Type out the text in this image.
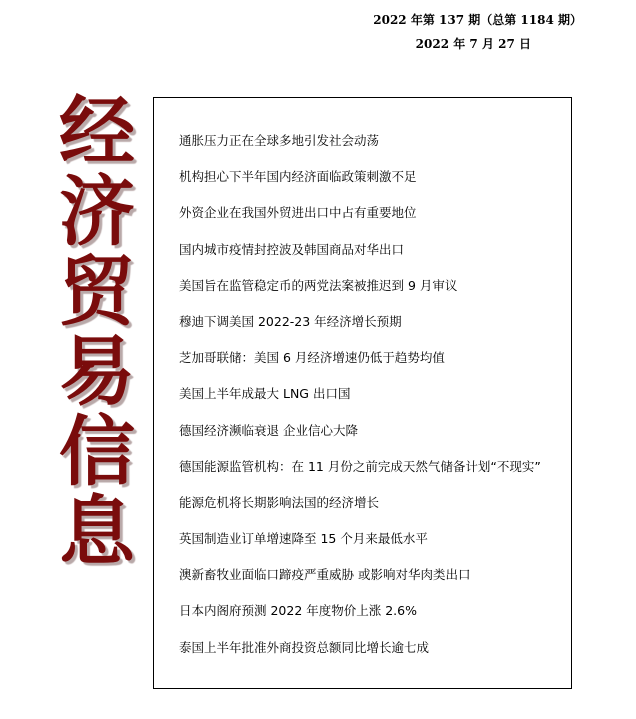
2022 年第 137 期（总第 1184 期）
2022 年 7 月 27 日
经
济
贸
易
信
息
通胀压力正在全球多地引发社会动荡
机构担心下半年国内经济面临政策刺激不足
外资企业在我国外贸进出口中占有重要地位
国内城市疫情封控波及韩国商品对华出口
美国旨在监管稳定币的两党法案被推迟到 9 月审议
穆迪下调美国 2022-23 年经济增长预期
芝加哥联储：美国 6 月经济增速仍低于趋势均值
美国上半年成最大 LNG 出口国
德国经济濒临衰退 企业信心大降
德国能源监管机构：在 11 月份之前完成天然气储备计划“不现实”
能源危机将长期影响法国的经济增长
英国制造业订单增速降至 15 个月来最低水平
澳新畜牧业面临口蹄疫严重威胁 或影响对华肉类出口
日本内阁府预测 2022 年度物价上涨 2.6%
泰国上半年批准外商投资总额同比增长逾七成
